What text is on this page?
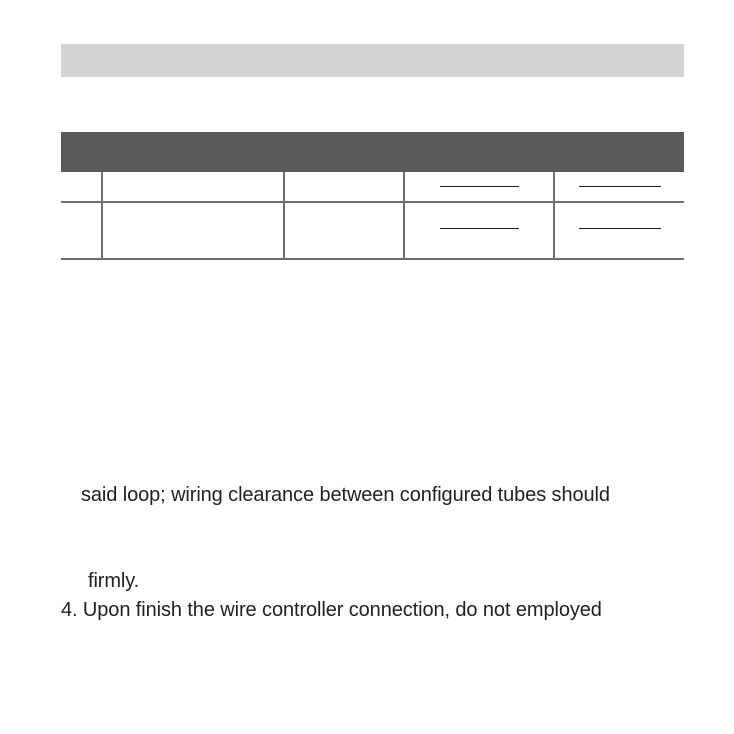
said loop; wiring clearance between configured tubes should
firmly.
4. Upon finish the wire controller connection, do not employed
